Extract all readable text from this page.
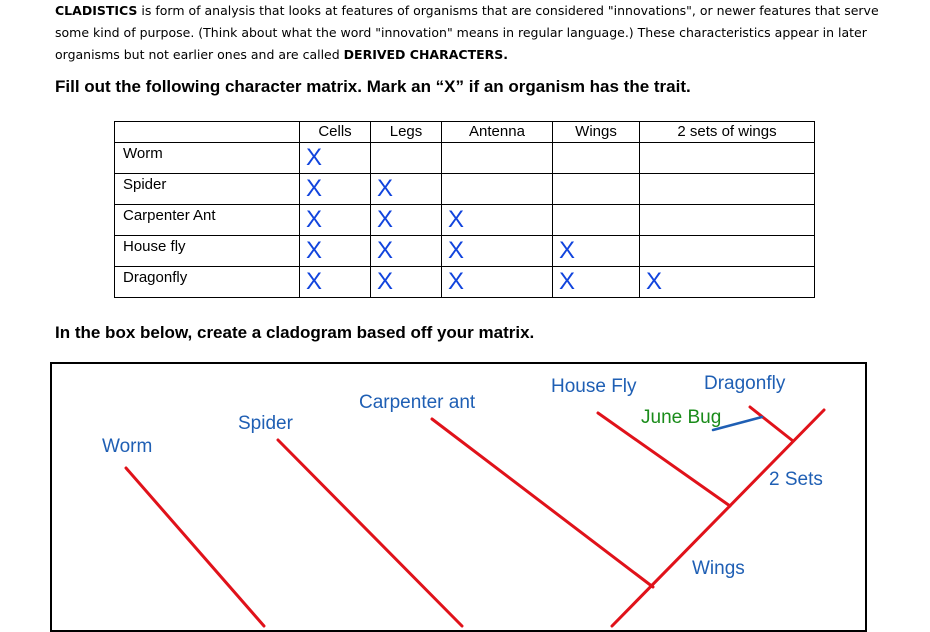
CLADISTICS is form of analysis that looks at features of organisms that are considered "innovations", or newer features that serve some kind of purpose. (Think about what the word "innovation" means in regular language.) These characteristics appear in later organisms but not earlier ones and are called DERIVED CHARACTERS.
Fill out the following character matrix. Mark an “X” if an organism has the trait.
	Cells	Legs	Antenna	Wings	2 sets of wings
Worm	X				
Spider	X	X			
Carpenter Ant	X	X	X		
House fly	X	X	X	X	
Dragonfly	X	X	X	X	X
In the box below, create a cladogram based off your matrix.
Worm
Spider
Carpenter ant
House Fly	Dragonfly
June Bug
2 Sets
Wings
